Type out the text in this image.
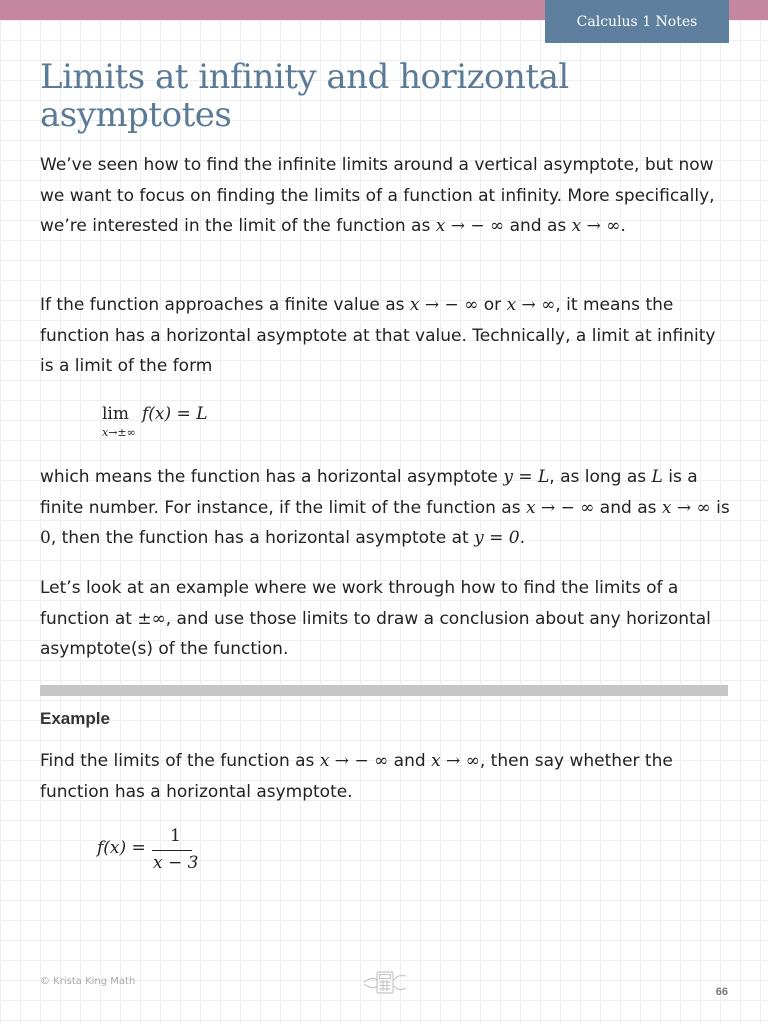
Calculus 1 Notes
Limits at infinity and horizontal asymptotes

We’ve seen how to find the infinite limits around a vertical asymptote, but now we want to focus on finding the limits of a function at infinity. More specifically, we’re interested in the limit of the function as x → − ∞ and as x → ∞.

If the function approaches a finite value as x → − ∞ or x → ∞, it means the function has a horizontal asymptote at that value. Technically, a limit at infinity is a limit of the form

lim
x→±∞
f(x) = L

which means the function has a horizontal asymptote y = L, as long as L is a finite number. For instance, if the limit of the function as x → − ∞ and as x → ∞ is 0, then the function has a horizontal asymptote at y = 0.

Let’s look at an example where we work through how to find the limits of a function at ±∞, and use those limits to draw a conclusion about any horizontal asymptote(s) of the function.

Example

Find the limits of the function as x → − ∞ and x → ∞, then say whether the function has a horizontal asymptote.

f(x) =
1
x − 3
© Krista King Math
66
